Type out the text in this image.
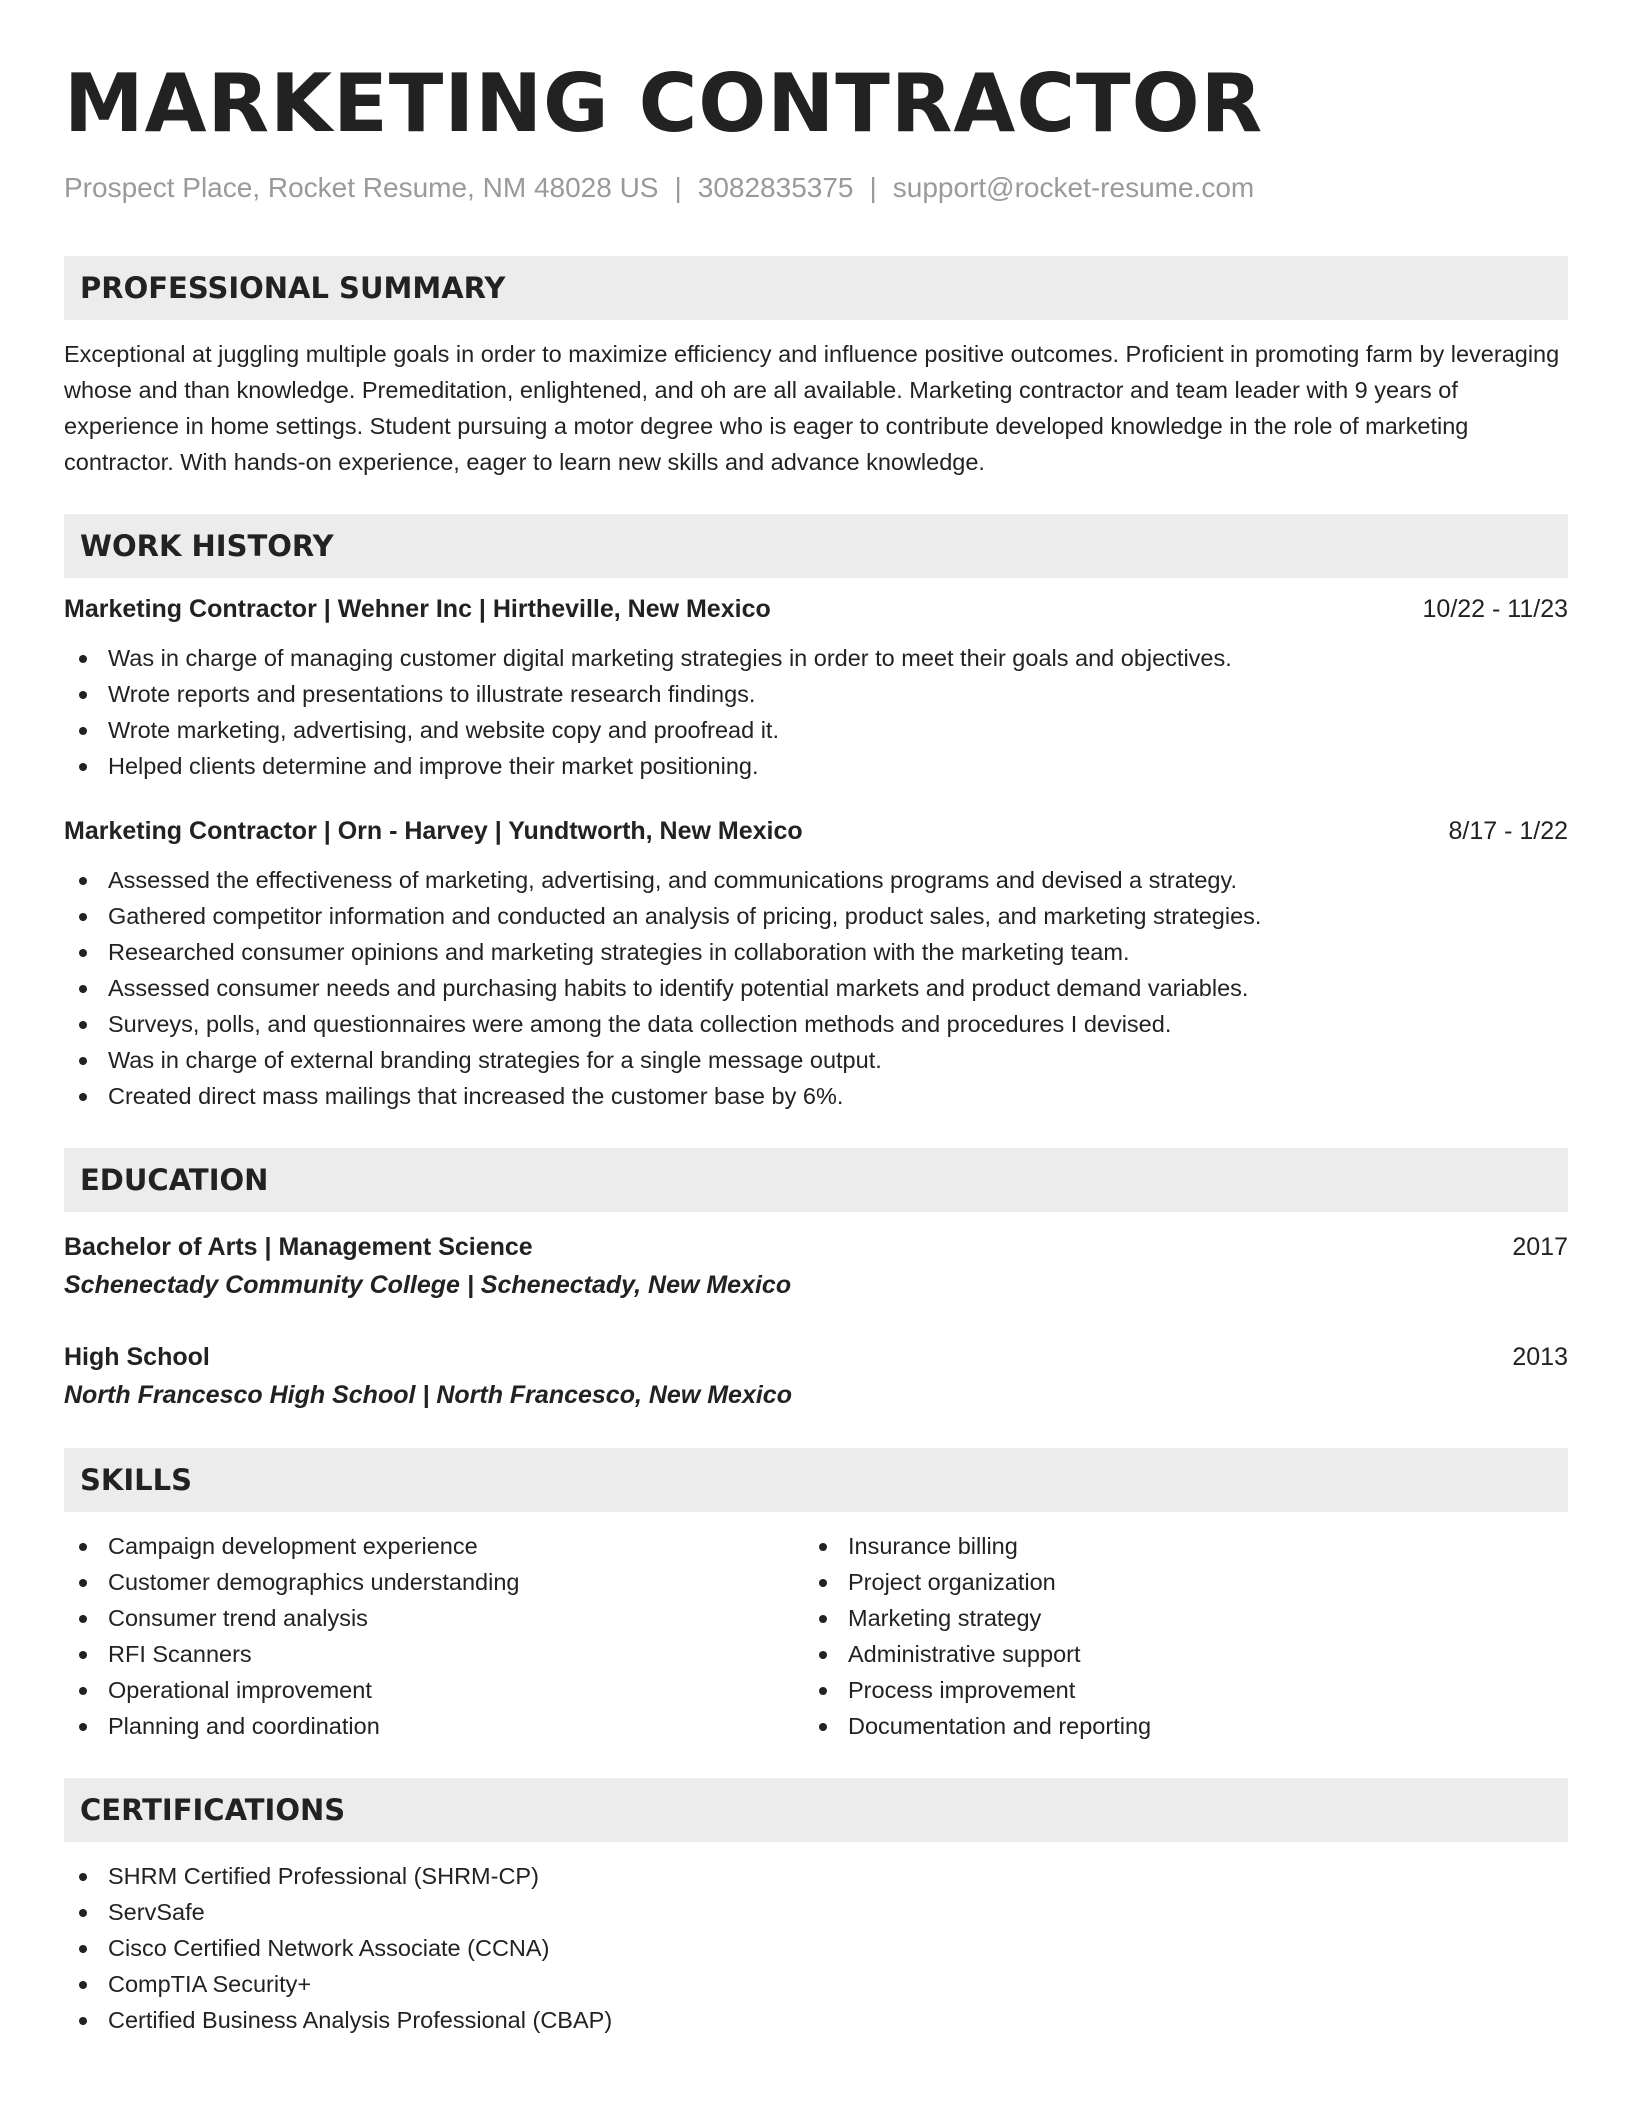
MARKETING CONTRACTOR
Prospect Place, Rocket Resume, NM 48028 US | 3082835375 | support@rocket-resume.com
PROFESSIONAL SUMMARY
Exceptional at juggling multiple goals in order to maximize efficiency and influence positive outcomes. Proficient in promoting farm by leveraging whose and than knowledge. Premeditation, enlightened, and oh are all available. Marketing contractor and team leader with 9 years of experience in home settings. Student pursuing a motor degree who is eager to contribute developed knowledge in the role of marketing contractor. With hands-on experience, eager to learn new skills and advance knowledge.
WORK HISTORY
Marketing Contractor | Wehner Inc | Hirtheville, New Mexico	10/22 - 11/23
Was in charge of managing customer digital marketing strategies in order to meet their goals and objectives.
Wrote reports and presentations to illustrate research findings.
Wrote marketing, advertising, and website copy and proofread it.
Helped clients determine and improve their market positioning.
Marketing Contractor | Orn - Harvey | Yundtworth, New Mexico	8/17 - 1/22
Assessed the effectiveness of marketing, advertising, and communications programs and devised a strategy.
Gathered competitor information and conducted an analysis of pricing, product sales, and marketing strategies.
Researched consumer opinions and marketing strategies in collaboration with the marketing team.
Assessed consumer needs and purchasing habits to identify potential markets and product demand variables.
Surveys, polls, and questionnaires were among the data collection methods and procedures I devised.
Was in charge of external branding strategies for a single message output.
Created direct mass mailings that increased the customer base by 6%.
EDUCATION
Bachelor of Arts | Management Science	2017
Schenectady Community College | Schenectady, New Mexico
High School	2013
North Francesco High School | North Francesco, New Mexico
SKILLS
Campaign development experience
Customer demographics understanding
Consumer trend analysis
RFI Scanners
Operational improvement
Planning and coordination
Insurance billing
Project organization
Marketing strategy
Administrative support
Process improvement
Documentation and reporting
CERTIFICATIONS
SHRM Certified Professional (SHRM-CP)
ServSafe
Cisco Certified Network Associate (CCNA)
CompTIA Security+
Certified Business Analysis Professional (CBAP)
